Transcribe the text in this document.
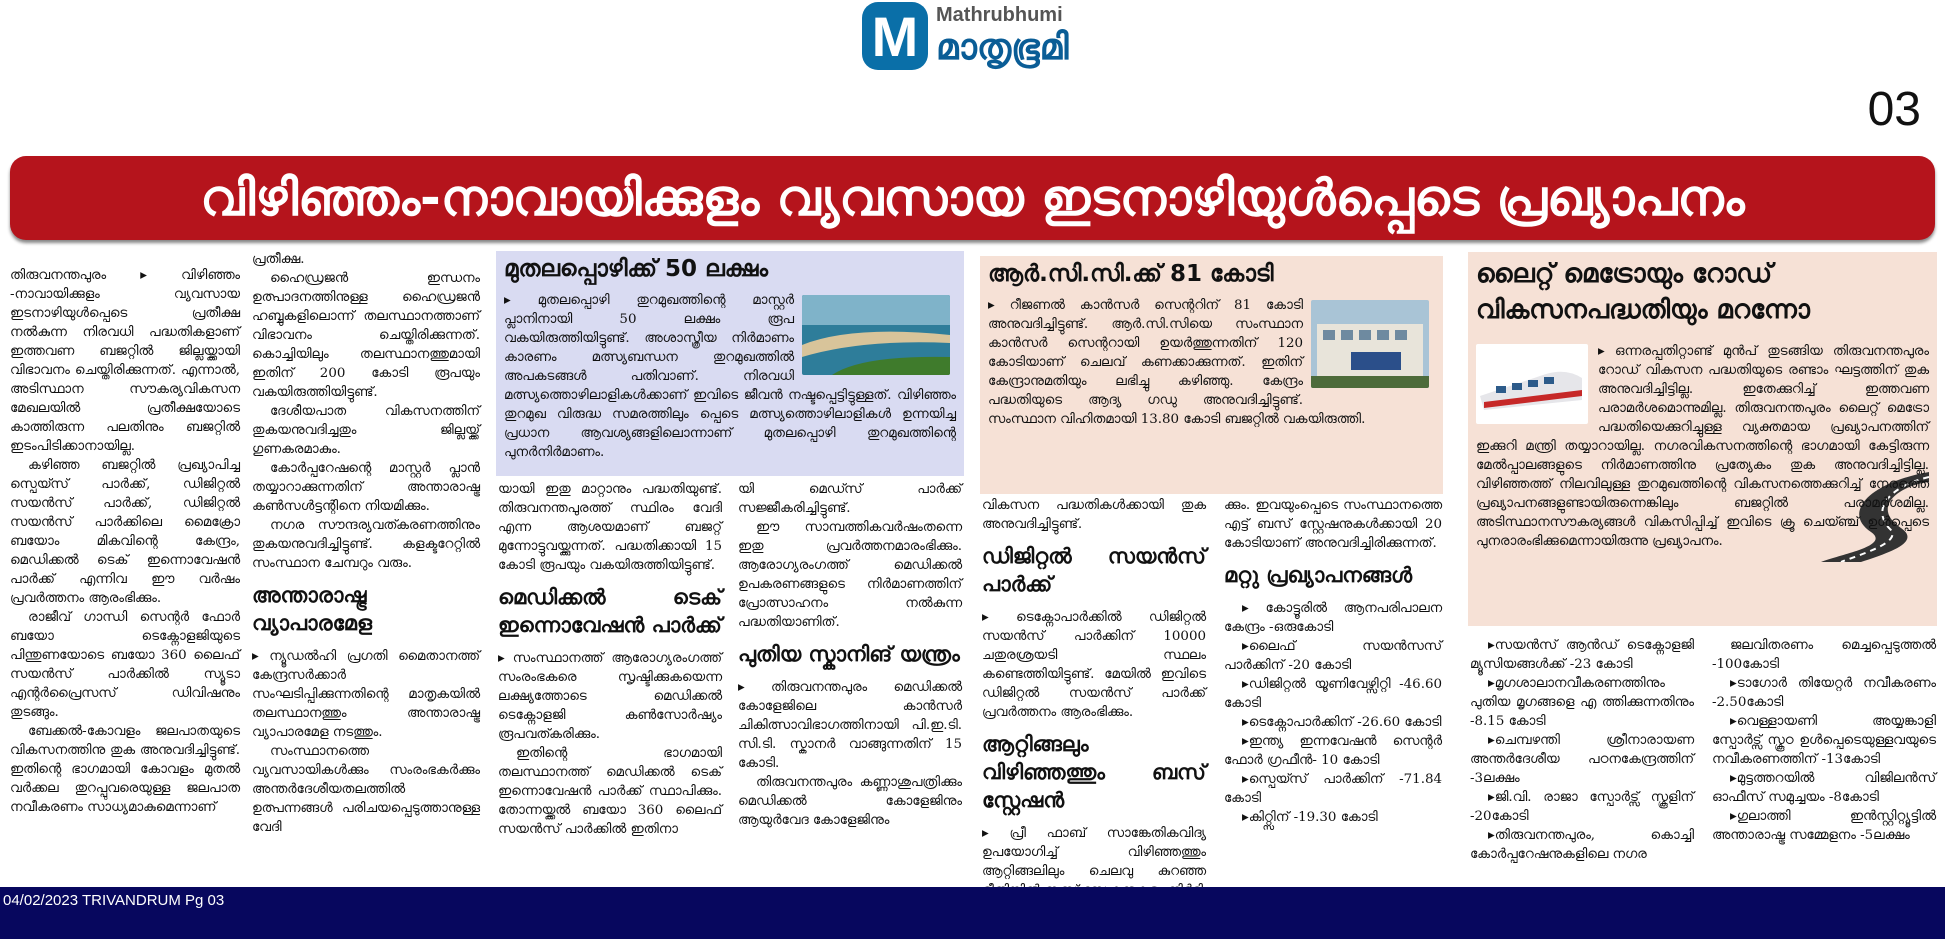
M Mathrubhumi
മാതൃഭൂമി
03
വിഴിഞ്ഞം-നാവായിക്കുളം വ്യവസായ ഇടനാഴിയുൾപ്പെടെ പ്രഖ്യാപനം

തിരുവനന്തപുരം ▸ വിഴിഞ്ഞം -നാവായിക്കുളം വ്യവസായ ഇടനാഴിയുൾപ്പെടെ പ്രതീക്ഷ നൽകുന്ന നിരവധി പദ്ധതികളാണ് ഇത്തവണ ബജറ്റിൽ ജില്ലയ്ക്കായി വിഭാവനം ചെയ്തിരിക്കുന്നത്. എന്നാൽ, അടിസ്ഥാന സൗകര്യവികസന മേഖലയിൽ പ്രതീക്ഷയോടെ കാത്തിരുന്ന പലതിനും ബജറ്റിൽ ഇടംപിടിക്കാനായില്ല.

കഴിഞ്ഞ ബജറ്റിൽ പ്രഖ്യാപിച്ച സ്പെയ്സ് പാർക്ക്, ഡിജിറ്റൽ സയൻസ് പാർക്ക്, ഡിജിറ്റൽ സയൻസ് പാർക്കിലെ മൈക്രോ ബയോം മികവിന്റെ കേന്ദ്രം, മെഡിക്കൽ ടെക് ഇന്നൊവേഷൻ പാർക്ക് എന്നിവ ഈ വർഷം പ്രവർത്തനം ആരംഭിക്കും.

രാജീവ് ഗാന്ധി സെന്റർ ഫോർ ബയോ ടെക്നോളജിയുടെ പിന്തുണയോടെ ബയോ 360 ലൈഫ് സയൻസ് പാർക്കിൽ സ്യൂടാ എന്റർപ്രൈസസ് ഡിവിഷനും തുടങ്ങും.

ബേക്കൽ-കോവളം ജലപാതയുടെ വികസനത്തിനു തുക അനുവദിച്ചിട്ടുണ്ട്. ഇതിന്റെ ഭാഗമായി കോവളം മുതൽ വർക്കല തുറപ്പുവരെയുള്ള ജലപാത നവീകരണം സാധ്യമാകുമെന്നാണ്

പ്രതീക്ഷ.

ഹൈഡ്രജൻ ഇന്ധനം ഉത്പാദനത്തിനുള്ള ഹൈഡ്രജൻ ഹബ്ബുകളിലൊന്ന് തലസ്ഥാനത്താണ് വിഭാവനം ചെയ്തിരിക്കുന്നത്. കൊച്ചിയിലും തലസ്ഥാനത്തുമായി ഇതിന് 200 കോടി രൂപയും വകയിരുത്തിയിട്ടുണ്ട്.

ദേശീയപാത വികസനത്തിന് തുകയനുവദിച്ചതും ജില്ലയ്ക്ക് ഗുണകരമാകും.

കോർപ്പറേഷന്റെ മാസ്റ്റർ പ്ലാൻ തയ്യാറാക്കുന്നതിന് അന്താരാഷ്ട്ര കൺസൾട്ടന്റിനെ നിയമിക്കും.

നഗര സൗന്ദര്യവത്കരണത്തിനും തുകയനുവദിച്ചിട്ടുണ്ട്. കളക്ടറേറ്റിൽ സംസ്ഥാന ചേമ്പറും വരും.

അന്താരാഷ്ട്ര വ്യാപാരമേള

▸ ന്യൂഡൽഹി പ്രഗതി മൈതാനത്ത് കേന്ദ്രസർക്കാർ സംഘടിപ്പിക്കുന്നതിന്റെ മാതൃകയിൽ തലസ്ഥാനത്തും അന്താരാഷ്ട്ര വ്യാപാരമേള നടത്തും.

സംസ്ഥാനത്തെ വ്യവസായികൾക്കും സംരംഭകർക്കും അന്തർദേശീയതലത്തിൽ ഉത്പന്നങ്ങൾ പരിചയപ്പെടുത്താനുള്ള വേദി

മുതലപ്പൊഴിക്ക് 50 ലക്ഷം
▸ മുതലപ്പൊഴി തുറമുഖത്തിന്റെ മാസ്റ്റർ പ്ലാനിനായി 50 ലക്ഷം രൂപ വകയിരുത്തിയിട്ടുണ്ട്. അശാസ്ത്രീയ നിർമാണം കാരണം മത്സ്യബന്ധന തുറമുഖത്തിൽ അപകടങ്ങൾ പതിവാണ്. നിരവധി മത്സ്യത്തൊഴിലാളികൾക്കാണ് ഇവിടെ ജീവൻ നഷ്ടപ്പെട്ടിട്ടുള്ളത്. വിഴിഞ്ഞം തുറമുഖ വിരുദ്ധ സമരത്തിലും പ്പെടെ മത്സ്യത്തൊഴിലാളികൾ ഉന്നയിച്ച പ്രധാന ആവശ്യങ്ങളിലൊന്നാണ് മുതലപ്പൊഴി തുറമുഖത്തിന്റെ പുനർനിർമാണം.

യായി ഇതു മാറ്റാനും പദ്ധതിയുണ്ട്. തിരുവനന്തപുരത്ത് സ്ഥിരം വേദി എന്ന ആശയമാണ് ബജറ്റ് മുന്നോട്ടുവയ്ക്കുന്നത്. പദ്ധതിക്കായി 15 കോടി രൂപയും വകയിരുത്തിയിട്ടുണ്ട്.

മെഡിക്കൽ ടെക് ഇന്നൊവേഷൻ പാർക്ക്

▸ സംസ്ഥാനത്ത് ആരോഗ്യരംഗത്ത് സംരംഭകരെ സൃഷ്ടിക്കുകയെന്ന ലക്ഷ്യത്തോടെ മെഡിക്കൽ ടെക്നോളജി കൺസോർഷ്യം രൂപവത്കരിക്കും.

ഇതിന്റെ ഭാഗമായി തലസ്ഥാനത്ത് മെഡിക്കൽ ടെക് ഇന്നൊവേഷൻ പാർക്ക് സ്ഥാപിക്കും. തോന്നയ്ക്കൽ ബയോ 360 ലൈഫ് സയൻസ് പാർക്കിൽ ഇതിനാ

യി മെഡ്സ് പാർക്ക് സജ്ജീകരിച്ചിട്ടുണ്ട്.

ഈ സാമ്പത്തികവർഷംതന്നെ ഇതു പ്രവർത്തനമാരംഭിക്കും. ആരോഗ്യരംഗത്ത് മെഡിക്കൽ ഉപകരണങ്ങളുടെ നിർമാണത്തിന് പ്രോത്സാഹനം നൽകുന്ന പദ്ധതിയാണിത്.

പുതിയ സ്കാനിങ് യന്ത്രം

▸ തിരുവനന്തപുരം മെഡിക്കൽ കോളേജിലെ കാൻസർ ചികിത്സാവിഭാഗത്തിനായി പി.ഇ.ടി. സി.ടി. സ്കാനർ വാങ്ങുന്നതിന് 15 കോടി.

തിരുവനന്തപുരം കണ്ണാശുപത്രിക്കും മെഡിക്കൽ കോളേജിനും ആയുർവേദ കോളേജിനും

ആർ.സി.സി.ക്ക് 81 കോടി
▸ റീജണൽ കാൻസർ സെന്ററിന് 81 കോടി അനുവദിച്ചിട്ടുണ്ട്. ആർ.സി.സിയെ സംസ്ഥാന കാൻസർ സെന്ററായി ഉയർത്തുന്നതിന് 120 കോടിയാണ് ചെലവ് കണക്കാക്കുന്നത്. ഇതിന് കേന്ദ്രാനുമതിയും ലഭിച്ചു കഴിഞ്ഞു. കേന്ദ്രം പദ്ധതിയുടെ ആദ്യ ഗഡു അനുവദിച്ചിട്ടുണ്ട്. സംസ്ഥാന വിഹിതമായി 13.80 കോടി ബജറ്റിൽ വകയിരുത്തി.

വികസന പദ്ധതികൾക്കായി തുക അനുവദിച്ചിട്ടുണ്ട്.

ഡിജിറ്റൽ സയൻസ് പാർക്ക്

▸ ടെക്നോപാർക്കിൽ ഡിജിറ്റൽ സയൻസ് പാർക്കിന് 10000 ചതുരശ്രയടി സ്ഥലം കണ്ടെത്തിയിട്ടുണ്ട്. മേയിൽ ഇവിടെ ഡിജിറ്റൽ സയൻസ് പാർക്ക് പ്രവർത്തനം ആരംഭിക്കും.

ആറ്റിങ്ങലും വിഴിഞ്ഞത്തും ബസ് സ്റ്റേഷൻ

▸ പ്രീ ഫാബ് സാങ്കേതികവിദ്യ ഉപയോഗിച്ച് വിഴിഞ്ഞത്തും ആറ്റിങ്ങലിലും ചെലവു കുറഞ്ഞ

ക്കും. ഇവയുംപ്പെടെ സംസ്ഥാനത്തെ എട്ട് ബസ് സ്റ്റേഷനുകൾക്കായി 20 കോടിയാണ് അനുവദിച്ചിരിക്കുന്നത്.

മറ്റു പ്രഖ്യാപനങ്ങൾ

▸ കോട്ടൂരിൽ ആനപരിപാലന കേന്ദ്രം -ഒരുകോടി

▸ലൈഫ് സയൻസസ് പാർക്കിന് -20 കോടി

▸ഡിജിറ്റൽ യൂണിവേഴ്സിറ്റി -46.60 കോടി

▸ടെക്നോപാർക്കിന് -26.60 കോടി

▸ഇന്ത്യ ഇന്നവേഷൻ സെന്റർ ഫോർ ഗ്രഫീൻ- 10 കോടി

▸സ്പെയ്സ് പാർക്കിന് -71.84 കോടി

▸കിറ്റ്സിന് -19.30 കോടി

ലൈറ്റ് മെട്രോയും റോഡ് വികസനപദ്ധതിയും മറന്നോ
▸ ഒന്നരപ്പതിറ്റാണ്ട് മുൻപ് തുടങ്ങിയ തിരുവനന്തപുരം റോഡ് വികസന പദ്ധതിയുടെ രണ്ടാം ഘട്ടത്തിന് തുക അനുവദിച്ചിട്ടില്ല. ഇതേക്കുറിച്ച് ഇത്തവണ പരാമർശമൊന്നുമില്ല. തിരുവനന്തപുരം ലൈറ്റ് മെട്രോ പദ്ധതിയെക്കുറിച്ചുള്ള വ്യക്തമായ പ്രഖ്യാപനത്തിന് ഇക്കുറി മന്ത്രി തയ്യാറായില്ല. നഗരവികസനത്തിന്റെ ഭാഗമായി കേട്ടിരുന്ന മേൽപ്പാലങ്ങളുടെ നിർമാണത്തിനു പ്രത്യേകം തുക അനുവദിച്ചിട്ടില്ല. വിഴിഞ്ഞത്ത് നിലവിലുള്ള തുറമുഖത്തിന്റെ വികസനത്തെക്കുറിച്ച് നേരത്തെ പ്രഖ്യാപനങ്ങളുണ്ടായിരുന്നെങ്കിലും ബജറ്റിൽ പരാമർശമില്ല. അടിസ്ഥാനസൗകര്യങ്ങൾ വികസിപ്പിച്ച് ഇവിടെ ക്രൂ ചെയ്ഞ്ച് ഉൾപ്പെടെ പുനരാരംഭിക്കുമെന്നായിരുന്നു പ്രഖ്യാപനം.

▸സയൻസ് ആൻഡ് ടെക്നോളജി മ്യൂസിയങ്ങൾക്ക് -23 കോടി

▸മൃഗശാലാനവീകരണത്തിനും പുതിയ മൃഗങ്ങളെ എ ത്തിക്കുന്നതിനും -8.15 കോടി

▸ചെമ്പഴന്തി ശ്രീനാരായണ അന്തർദേശീയ പഠനകേന്ദ്രത്തിന് -3ലക്ഷം

▸ജി.വി. രാജാ സ്പോർട്സ് സ്കൂളിന് -20കോടി

▸തിരുവനന്തപുരം, കൊച്ചി കോർപ്പറേഷനുകളിലെ നഗര

ജലവിതരണം മെച്ചപ്പെടുത്തൽ -100കോടി

▸ടാഗോർ തിയേറ്റർ നവീകരണം -2.50കോടി

▸വെള്ളായണി അയ്യങ്കാളി സ്പോർട്സ് സ്കൂഠ ഉൾപ്പെടെയുള്ളവയുടെ നവീകരണത്തിന് -13കോടി

▸മുട്ടത്തറയിൽ വിജിലൻസ് ഓഫീസ് സമുച്ചയം -8കോടി

▸ഗുലാത്തി ഇൻസ്റ്റിറ്റ്യൂട്ടിൽ അന്താരാഷ്ട്ര സമ്മേളനം -5ലക്ഷം

04/02/2023 TRIVANDRUM Pg 03
